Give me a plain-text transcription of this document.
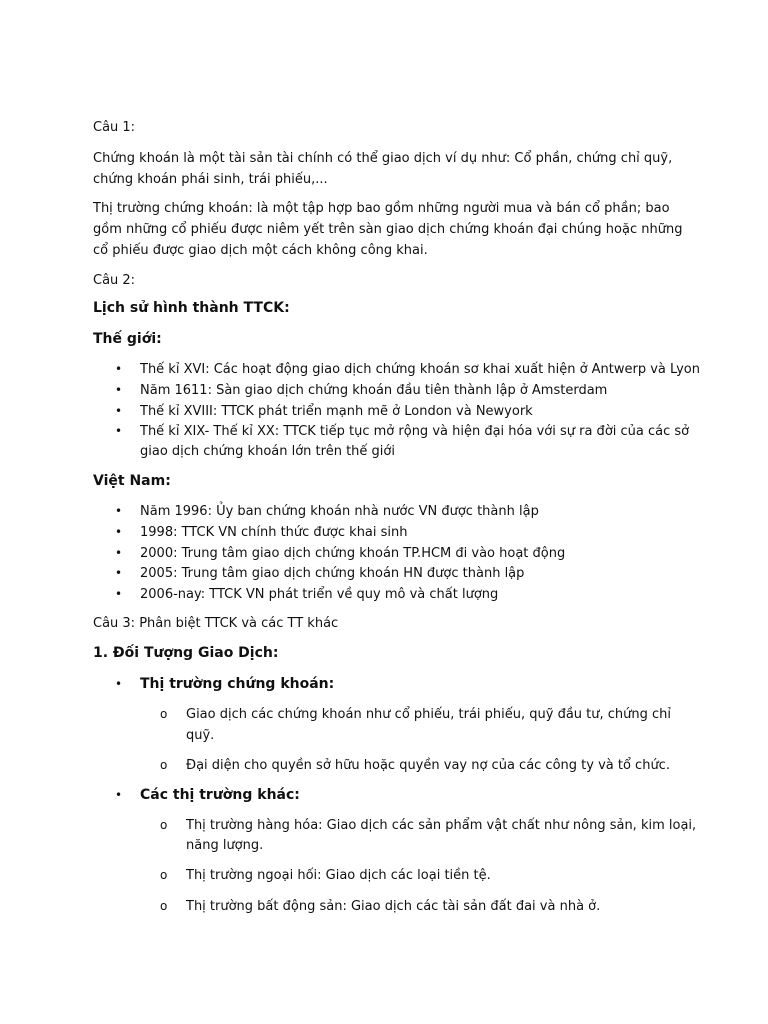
Câu 1:
Chứng khoán là một tài sản tài chính có thể giao dịch ví dụ như: Cổ phần, chứng chỉ quỹ,
chứng khoán phái sinh, trái phiếu,...
Thị trường chứng khoán: là một tập hợp bao gồm những người mua và bán cổ phần; bao
gồm những cổ phiếu được niêm yết trên sàn giao dịch chứng khoán đại chúng hoặc những
cổ phiếu được giao dịch một cách không công khai.
Câu 2:
Lịch sử hình thành TTCK:
Thế giới:
• Thế kỉ XVI: Các hoạt động giao dịch chứng khoán sơ khai xuất hiện ở Antwerp và Lyon
• Năm 1611: Sàn giao dịch chứng khoán đầu tiên thành lập ở Amsterdam
• Thế kỉ XVIII: TTCK phát triển mạnh mẽ ở London và Newyork
• Thế kỉ XIX- Thế kỉ XX: TTCK tiếp tục mở rộng và hiện đại hóa với sự ra đời của các sở
giao dịch chứng khoán lớn trên thế giới
Việt Nam:
• Năm 1996: Ủy ban chứng khoán nhà nước VN được thành lập
• 1998: TTCK VN chính thức được khai sinh
• 2000: Trung tâm giao dịch chứng khoán TP.HCM đi vào hoạt động
• 2005: Trung tâm giao dịch chứng khoán HN được thành lập
• 2006-nay: TTCK VN phát triển về quy mô và chất lượng
Câu 3: Phân biệt TTCK và các TT khác
1. Đối Tượng Giao Dịch:
• Thị trường chứng khoán:
o Giao dịch các chứng khoán như cổ phiếu, trái phiếu, quỹ đầu tư, chứng chỉ
quỹ.
o Đại diện cho quyền sở hữu hoặc quyền vay nợ của các công ty và tổ chức.
• Các thị trường khác:
o Thị trường hàng hóa: Giao dịch các sản phẩm vật chất như nông sản, kim loại,
năng lượng.
o Thị trường ngoại hối: Giao dịch các loại tiền tệ.
o Thị trường bất động sản: Giao dịch các tài sản đất đai và nhà ở.
